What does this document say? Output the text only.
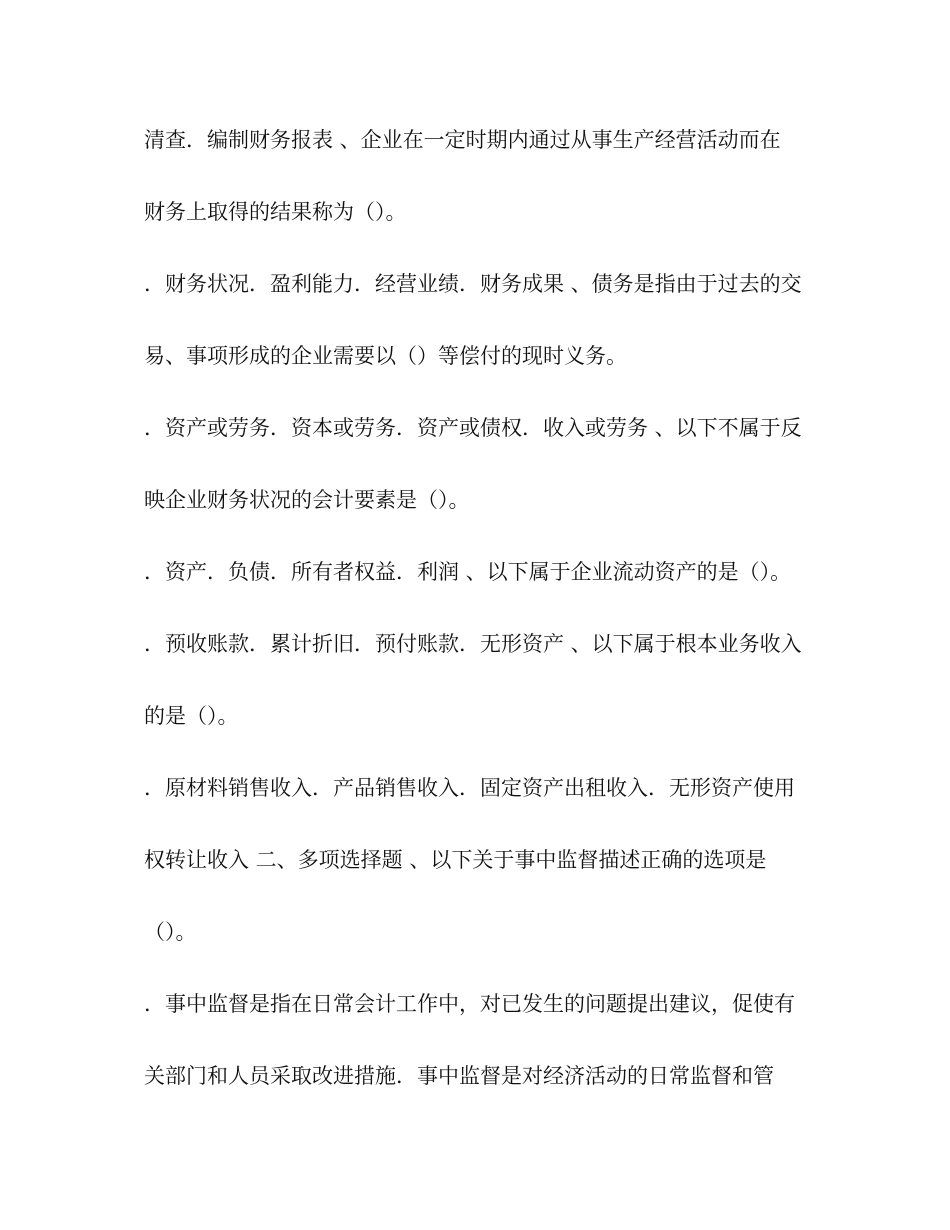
清查．编制财务报表 、企业在一定时期内通过从事生产经营活动而在
财务上取得的结果称为（）。
．财务状况．盈利能力．经营业绩．财务成果 、债务是指由于过去的交
易、事项形成的企业需要以（）等偿付的现时义务。
．资产或劳务．资本或劳务．资产或债权．收入或劳务 、以下不属于反
映企业财务状况的会计要素是（）。
．资产．负债．所有者权益．利润 、以下属于企业流动资产的是（）。
．预收账款．累计折旧．预付账款．无形资产 、以下属于根本业务收入
的是（）。
．原材料销售收入．产品销售收入．固定资产出租收入．无形资产使用
权转让收入 二、多项选择题 、以下关于事中监督描述正确的选项是
（）。
．事中监督是指在日常会计工作中，对已发生的问题提出建议，促使有
关部门和人员采取改进措施．事中监督是对经济活动的日常监督和管
